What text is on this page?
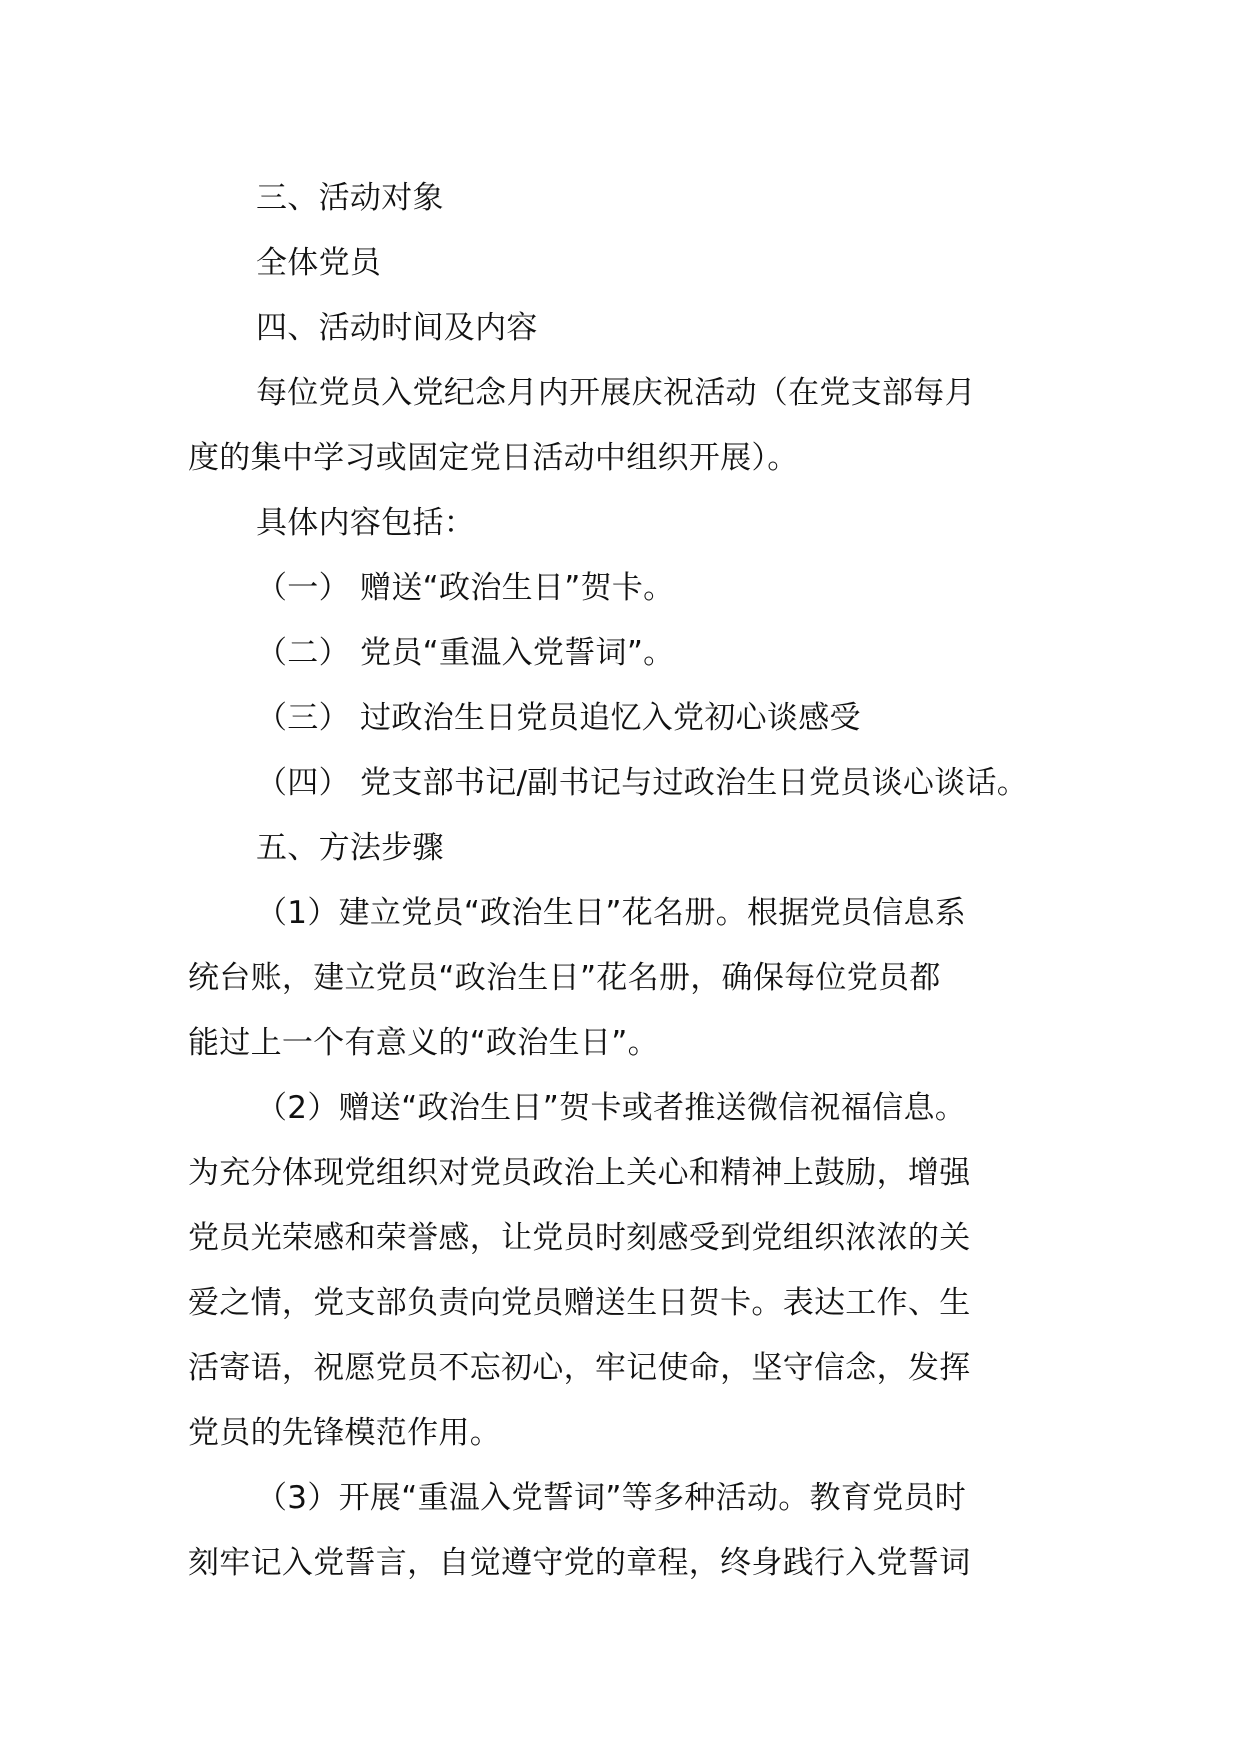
三、活动对象
全体党员
四、活动时间及内容
每位党员入党纪念月内开展庆祝活动（在党支部每月
度的集中学习或固定党日活动中组织开展）。
具体内容包括：
（一） 赠送“政治生日”贺卡。
（二） 党员“重温入党誓词”。
（三） 过政治生日党员追忆入党初心谈感受
（四） 党支部书记/副书记与过政治生日党员谈心谈话。
五、方法步骤
（1）建立党员“政治生日”花名册。根据党员信息系
统台账，建立党员“政治生日”花名册，确保每位党员都
能过上一个有意义的“政治生日”。
（2）赠送“政治生日”贺卡或者推送微信祝福信息。
为充分体现党组织对党员政治上关心和精神上鼓励，增强
党员光荣感和荣誉感，让党员时刻感受到党组织浓浓的关
爱之情，党支部负责向党员赠送生日贺卡。表达工作、生
活寄语，祝愿党员不忘初心，牢记使命，坚守信念，发挥
党员的先锋模范作用。
（3）开展“重温入党誓词”等多种活动。教育党员时
刻牢记入党誓言，自觉遵守党的章程，终身践行入党誓词
